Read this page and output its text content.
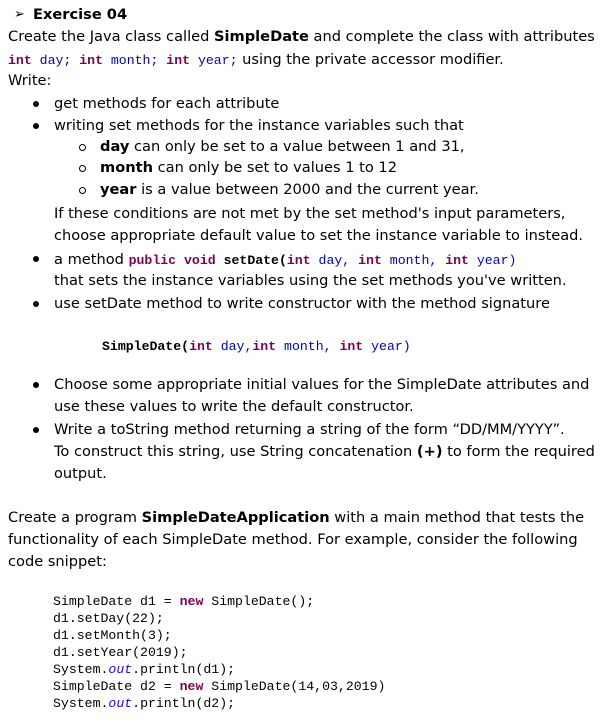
➢ Exercise 04
Create the Java class called SimpleDate and complete the class with attributes
int day; int month; int year; using the private accessor modifier.
Write:
get methods for each attribute
writing set methods for the instance variables such that
day can only be set to a value between 1 and 31,
month can only be set to values 1 to 12
year is a value between 2000 and the current year.
If these conditions are not met by the set method's input parameters,
choose appropriate default value to set the instance variable to instead.
a method public void setDate(int day, int month, int year)
that sets the instance variables using the set methods you've written.
use setDate method to write constructor with the method signature
SimpleDate(int day,int month, int year)
Choose some appropriate initial values for the SimpleDate attributes and
use these values to write the default constructor.
Write a toString method returning a string of the form “DD/MM/YYYY”.
To construct this string, use String concatenation (+) to form the required
output.
Create a program SimpleDateApplication with a main method that tests the
functionality of each SimpleDate method. For example, consider the following
code snippet:
SimpleDate d1 = new SimpleDate();
d1.setDay(22);
d1.setMonth(3);
d1.setYear(2019);
System.out.println(d1);
SimpleDate d2 = new SimpleDate(14,03,2019)
System.out.println(d2);
